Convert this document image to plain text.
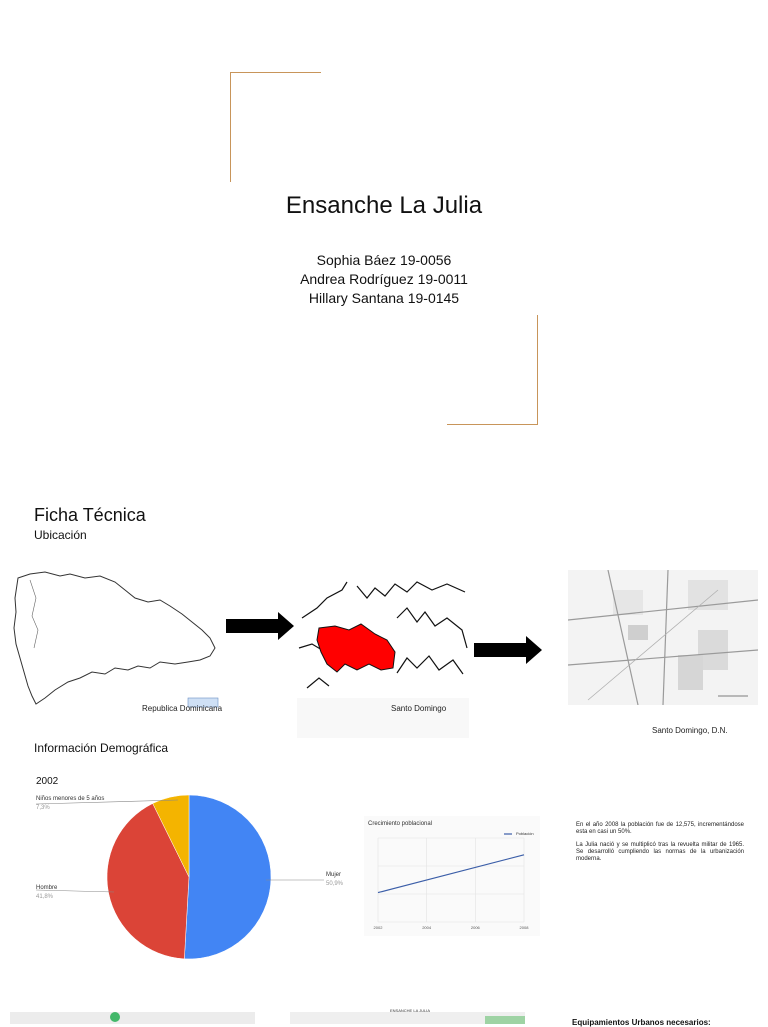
Ensanche La Julia
Sophia Báez 19-0056
Andrea Rodríguez 19-0011
Hillary Santana 19-0145
Ficha Técnica
Ubicación
Republica Dominicana	Santo Domingo
Santo Domingo, D.N.
Información Demográfica
2002
Niños menores de 5 años
7,3%
Hombre
41,8%
Mujer
50,9%
Crecimiento poblacional
Población
2002	2004	2006	2008

En el año 2008 la población fue de 12,575, incrementándose esta en casi un 50%.

La Julia nació y se multiplicó tras la revuelta militar de 1965. Se desarrolló cumpliendo las normas de la urbanización moderna.

ENSANCHE LA JULIA
Equipamientos Urbanos necesarios:
